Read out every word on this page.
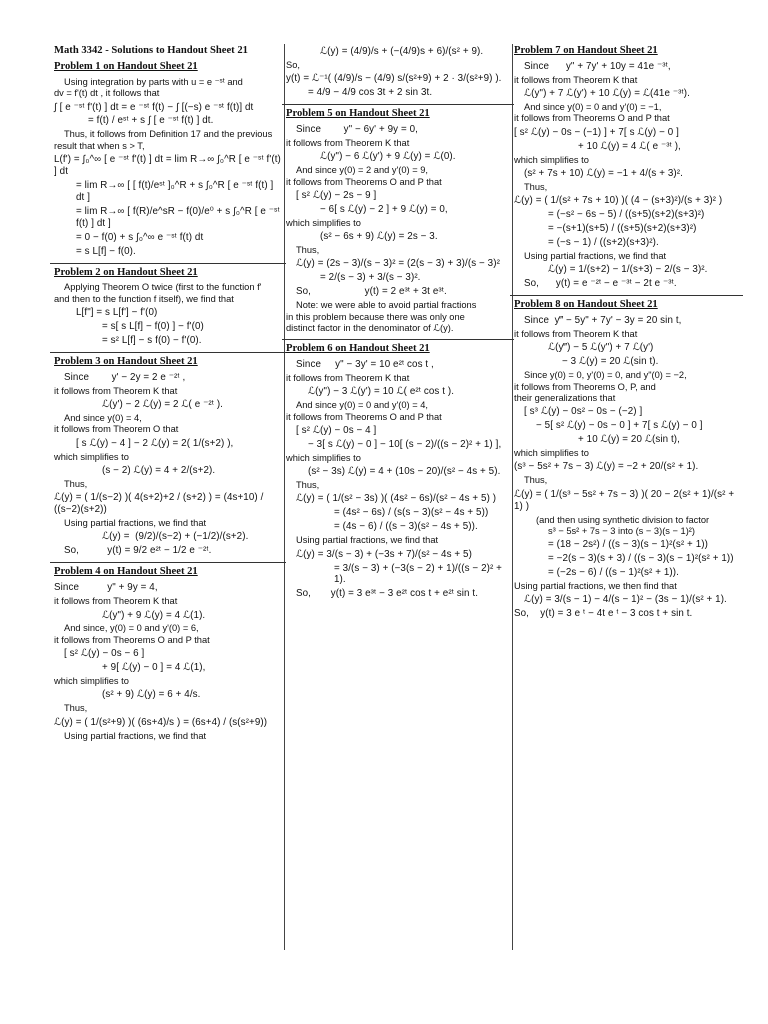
Math 3342 - Solutions to Handout Sheet 21
Problem 1 on Handout Sheet 21
Using integration by parts with u = e ⁻ˢᵗ and
dv = f'(t) dt , it follows that
∫ [ e ⁻ˢᵗ f'(t) ] dt = e ⁻ˢᵗ f(t) − ∫ [(−s) e ⁻ˢᵗ f(t)] dt
= f(t) / eˢᵗ + s ∫ [ e ⁻ˢᵗ f(t) ] dt.
Thus, it follows from Definition 17 and the previous
result that when s > T,
L(f') = ∫₀^∞ [ e ⁻ˢᵗ f'(t) ] dt = lim R→∞ ∫₀^R [ e ⁻ˢᵗ f'(t) ] dt
= lim R→∞ [ [ f(t)/eˢᵗ ]₀^R + s ∫₀^R [ e ⁻ˢᵗ f(t) ] dt ]
= lim R→∞ [ f(R)/e^sR − f(0)/e⁰ + s ∫₀^R [ e ⁻ˢᵗ f(t) ] dt ]
= 0 − f(0) + s ∫₀^∞ e ⁻ˢᵗ f(t) dt
= s L[f] − f(0).
Problem 2 on Handout Sheet 21
Applying Theorem O twice (first to the function f'
and then to the function f itself), we find that
L[f"] = s L[f'] − f'(0)
= s[ s L[f] − f(0) ] − f'(0)
= s² L[f] − s f(0) − f'(0).
Problem 3 on Handout Sheet 21
Since        y' − 2y = 2 e ⁻²ᵗ ,
it follows from Theorem K that
ℒ(y') − 2 ℒ(y) = 2 ℒ( e ⁻²ᵗ ).
And since y(0) = 4,
it follows from Theorem O that
[ s ℒ(y) − 4 ] − 2 ℒ(y) = 2( 1/(s+2) ),
which simplifies to
(s − 2) ℒ(y) = 4 + 2/(s+2).
Thus,
ℒ(y) = ( 1/(s−2) )( 4(s+2)+2 / (s+2) ) = (4s+10) / ((s−2)(s+2))
Using partial fractions, we find that
ℒ(y) =  (9/2)/(s−2) + (−1/2)/(s+2).
So,          y(t) = 9/2 e²ᵗ − 1/2 e ⁻²ᵗ.
Problem 4 on Handout Sheet 21
Since          y" + 9y = 4,
it follows from Theorem K that
ℒ(y") + 9 ℒ(y) = 4 ℒ(1).
And since, y(0) = 0 and y'(0) = 6,
it follows from Theorems O and P that
[ s² ℒ(y) − 0s − 6 ]
+ 9[ ℒ(y) − 0 ] = 4 ℒ(1),
which simplifies to
(s² + 9) ℒ(y) = 6 + 4/s.
Thus,
ℒ(y) = ( 1/(s²+9) )( (6s+4)/s ) = (6s+4) / (s(s²+9))
Using partial fractions, we find that
ℒ(y) = (4/9)/s + (−(4/9)s + 6)/(s² + 9).
So,
y(t) = ℒ⁻¹( (4/9)/s − (4/9) s/(s²+9) + 2 · 3/(s²+9) ).
= 4/9 − 4/9 cos 3t + 2 sin 3t.
Problem 5 on Handout Sheet 21
Since        y" − 6y' + 9y = 0,
it follows from Theorem K that
ℒ(y") − 6 ℒ(y') + 9 ℒ(y) = ℒ(0).
And since y(0) = 2 and y'(0) = 9,
it follows from Theorems O and P that
[ s² ℒ(y) − 2s − 9 ]
− 6[ s ℒ(y) − 2 ] + 9 ℒ(y) = 0,
which simplifies to
(s² − 6s + 9) ℒ(y) = 2s − 3.
Thus,
ℒ(y) = (2s − 3)/(s − 3)² = (2(s − 3) + 3)/(s − 3)²
= 2/(s − 3) + 3/(s − 3)².
So,                   y(t) = 2 e³ᵗ + 3t e³ᵗ.
Note: we were able to avoid partial fractions
in this problem because there was only one
distinct factor in the denominator of ℒ(y).
Problem 6 on Handout Sheet 21
Since     y" − 3y' = 10 e²ᵗ cos t ,
it follows from Theorem K that
ℒ(y") − 3 ℒ(y') = 10 ℒ( e²ᵗ cos t ).
And since y(0) = 0 and y'(0) = 4,
it follows from Theorems O and P that
[ s² ℒ(y) − 0s − 4 ]
− 3[ s ℒ(y) − 0 ] − 10[ (s − 2)/((s − 2)² + 1) ],
which simplifies to
(s² − 3s) ℒ(y) = 4 + (10s − 20)/(s² − 4s + 5).
Thus,
ℒ(y) = ( 1/(s² − 3s) )( (4s² − 6s)/(s² − 4s + 5) )
= (4s² − 6s) / (s(s − 3)(s² − 4s + 5))
= (4s − 6) / ((s − 3)(s² − 4s + 5)).
Using partial fractions, we find that
ℒ(y) = 3/(s − 3) + (−3s + 7)/(s² − 4s + 5)
= 3/(s − 3) + (−3(s − 2) + 1)/((s − 2)² + 1).
So,       y(t) = 3 e³ᵗ − 3 e²ᵗ cos t + e²ᵗ sin t.
Problem 7 on Handout Sheet 21
Since      y" + 7y' + 10y = 41e ⁻³ᵗ,
it follows from Theorem K that
ℒ(y") + 7 ℒ(y') + 10 ℒ(y) = ℒ(41e ⁻³ᵗ).
And since y(0) = 0 and y'(0) = −1,
it follows from Theorems O and P that
[ s² ℒ(y) − 0s − (−1) ] + 7[ s ℒ(y) − 0 ]
+ 10 ℒ(y) = 4 ℒ( e ⁻³ᵗ ),
which simplifies to
(s² + 7s + 10) ℒ(y) = −1 + 4/(s + 3)².
Thus,
ℒ(y) = ( 1/(s² + 7s + 10) )( (4 − (s+3)²)/(s + 3)² )
= (−s² − 6s − 5) / ((s+5)(s+2)(s+3)²)
= −(s+1)(s+5) / ((s+5)(s+2)(s+3)²)
= (−s − 1) / ((s+2)(s+3)²).
Using partial fractions, we find that
ℒ(y) = 1/(s+2) − 1/(s+3) − 2/(s − 3)².
So,      y(t) = e ⁻²ᵗ − e ⁻³ᵗ − 2t e ⁻³ᵗ.
Problem 8 on Handout Sheet 21
Since  y‴ − 5y" + 7y' − 3y = 20 sin t,
it follows from Theorem K that
ℒ(y‴) − 5 ℒ(y") + 7 ℒ(y')
− 3 ℒ(y) = 20 ℒ(sin t).
Since y(0) = 0, y'(0) = 0, and y"(0) = −2,
it follows from Theorems O, P, and
their generalizations that
[ s³ ℒ(y) − 0s² − 0s − (−2) ]
− 5[ s² ℒ(y) − 0s − 0 ] + 7[ s ℒ(y) − 0 ]
+ 10 ℒ(y) = 20 ℒ(sin t),
which simplifies to
(s³ − 5s² + 7s − 3) ℒ(y) = −2 + 20/(s² + 1).
Thus,
ℒ(y) = ( 1/(s³ − 5s² + 7s − 3) )( 20 − 2(s² + 1)/(s² + 1) )
(and then using synthetic division to factor
s³ − 5s² + 7s − 3 into (s − 3)(s − 1)²)
= (18 − 2s²) / ((s − 3)(s − 1)²(s² + 1))
= −2(s − 3)(s + 3) / ((s − 3)(s − 1)²(s² + 1))
= (−2s − 6) / ((s − 1)²(s² + 1)).
Using partial fractions, we then find that
ℒ(y) = 3/(s − 1) − 4/(s − 1)² − (3s − 1)/(s² + 1).
So,    y(t) = 3 e ᵗ − 4t e ᵗ − 3 cos t + sin t.
